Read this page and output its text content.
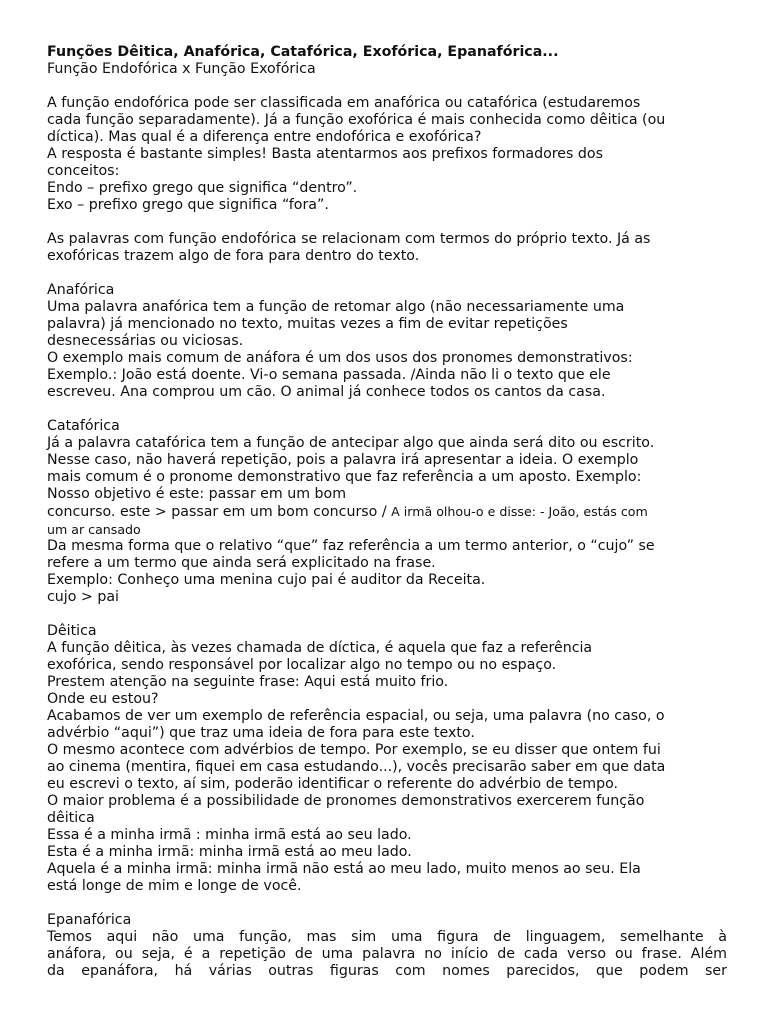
Funções Dêitica, Anafórica, Catafórica, Exofórica, Epanafórica...

Função Endofórica x Função Exofórica

A função endofórica pode ser classificada em anafórica ou catafórica (estudaremos

cada função separadamente). Já a função exofórica é mais conhecida como dêitica (ou

díctica). Mas qual é a diferença entre endofórica e exofórica?

A resposta é bastante simples! Basta atentarmos aos prefixos formadores dos

conceitos:

Endo – prefixo grego que significa “dentro”.

Exo – prefixo grego que significa “fora”.

As palavras com função endofórica se relacionam com termos do próprio texto. Já as

exofóricas trazem algo de fora para dentro do texto.

Anafórica

Uma palavra anafórica tem a função de retomar algo (não necessariamente uma

palavra) já mencionado no texto, muitas vezes a fim de evitar repetições

desnecessárias ou viciosas.

O exemplo mais comum de anáfora é um dos usos dos pronomes demonstrativos:

Exemplo.: João está doente. Vi-o semana passada. /Ainda não li o texto que ele

escreveu. Ana comprou um cão. O animal já conhece todos os cantos da casa.

Catafórica

Já a palavra catafórica tem a função de antecipar algo que ainda será dito ou escrito.

Nesse caso, não haverá repetição, pois a palavra irá apresentar a ideia. O exemplo

mais comum é o pronome demonstrativo que faz referência a um aposto. Exemplo:

Nosso objetivo é este: passar em um bom

concurso. este > passar em um bom concurso / A irmã olhou-o e disse: - João, estás com

um ar cansado

Da mesma forma que o relativo “que” faz referência a um termo anterior, o “cujo” se

refere a um termo que ainda será explicitado na frase.

Exemplo: Conheço uma menina cujo pai é auditor da Receita.

cujo > pai

Dêitica

A função dêitica, às vezes chamada de díctica, é aquela que faz a referência

exofórica, sendo responsável por localizar algo no tempo ou no espaço.

Prestem atenção na seguinte frase: Aqui está muito frio.

Onde eu estou?

Acabamos de ver um exemplo de referência espacial, ou seja, uma palavra (no caso, o

advérbio “aqui”) que traz uma ideia de fora para este texto.

O mesmo acontece com advérbios de tempo. Por exemplo, se eu disser que ontem fui

ao cinema (mentira, fiquei em casa estudando...), vocês precisarão saber em que data

eu escrevi o texto, aí sim, poderão identificar o referente do advérbio de tempo.

O maior problema é a possibilidade de pronomes demonstrativos exercerem função

dêitica

Essa é a minha irmã : minha irmã está ao seu lado.

Esta é a minha irmã: minha irmã está ao meu lado.

Aquela é a minha irmã: minha irmã não está ao meu lado, muito menos ao seu. Ela

está longe de mim e longe de você.

Epanafórica

Temos aqui não uma função, mas sim uma figura de linguagem, semelhante à

anáfora, ou seja, é a repetição de uma palavra no início de cada verso ou frase. Além

da epanáfora, há várias outras figuras com nomes parecidos, que podem ser
